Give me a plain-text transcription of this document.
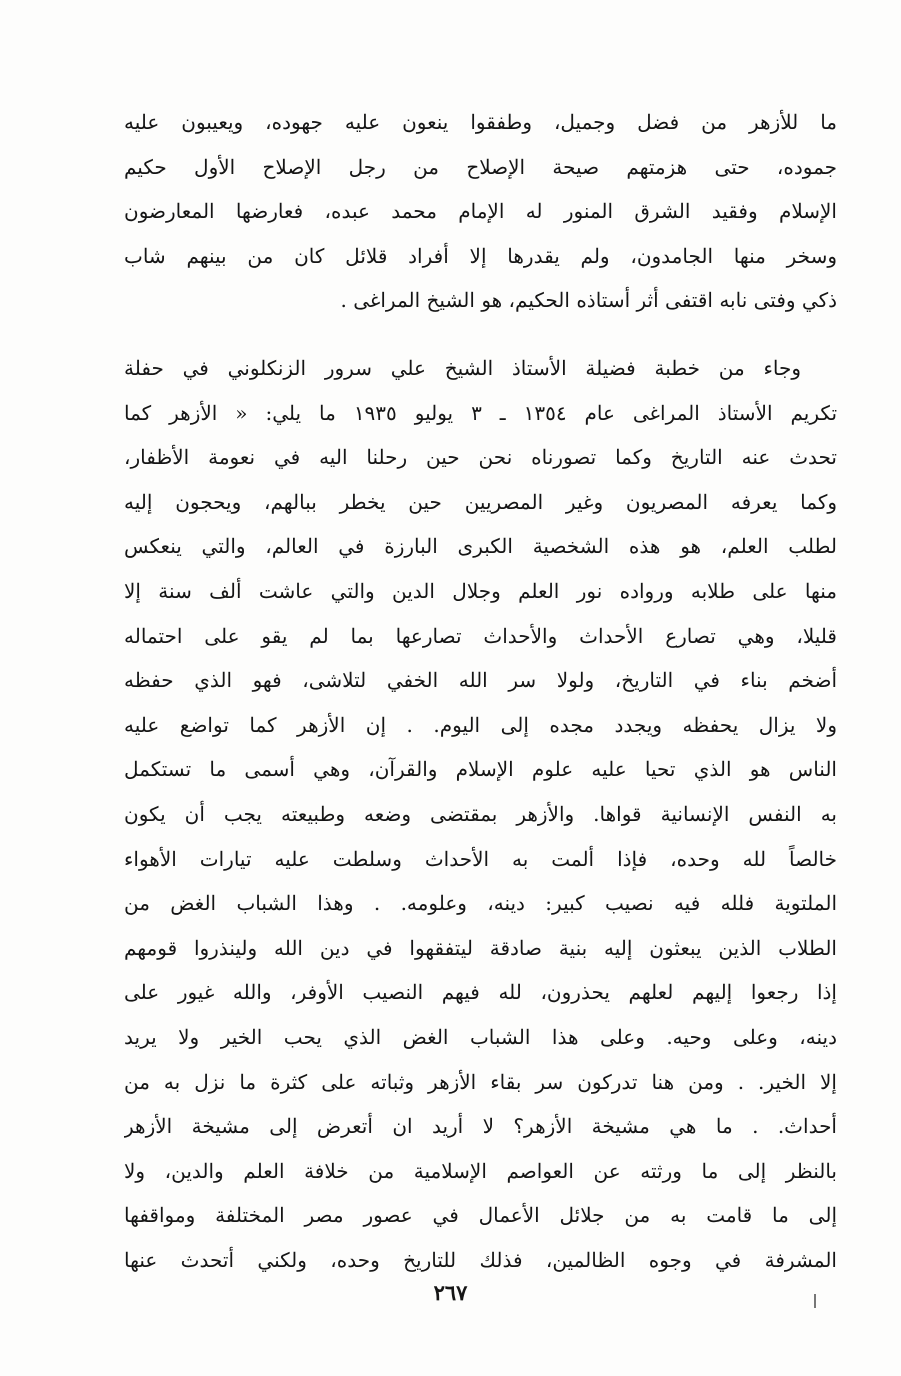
ما للأزهر من فضل وجميل، وطفقوا ينعون عليه جهوده، ويعيبون عليه
جموده، حتى هزمتهم صيحة الإصلاح من رجل الإصلاح الأول حكيم
الإسلام وفقيد الشرق المنور له الإمام محمد عبده، فعارضها المعارضون
وسخر منها الجامدون، ولم يقدرها إلا أفراد قلائل كان من بينهم شاب
ذكي وفتى نابه اقتفى أثر أستاذه الحكيم، هو الشيخ المراغى .
وجاء من خطبة فضيلة الأستاذ الشيخ علي سرور الزنكلوني في حفلة
تكريم الأستاذ المراغى عام ١٣٥٤ ـ ٣ يوليو ١٩٣٥ ما يلي: « الأزهر كما
تحدث عنه التاريخ وكما تصورناه نحن حين رحلنا اليه في نعومة الأظفار،
وكما يعرفه المصريون وغير المصريين حين يخطر ببالهم، ويحجون إليه
لطلب العلم، هو هذه الشخصية الكبرى البارزة في العالم، والتي ينعكس
منها على طلابه ورواده نور العلم وجلال الدين والتي عاشت ألف سنة إلا
قليلا، وهي تصارع الأحداث والأحداث تصارعها بما لم يقو على احتماله
أضخم بناء في التاريخ، ولولا سر الله الخفي لتلاشى، فهو الذي حفظه
ولا يزال يحفظه ويجدد مجده إلى اليوم. . إن الأزهر كما تواضع عليه
الناس هو الذي تحيا عليه علوم الإسلام والقرآن، وهي أسمى ما تستكمل
به النفس الإنسانية قواها. والأزهر بمقتضى وضعه وطبيعته يجب أن يكون
خالصاً لله وحده، فإذا ألمت به الأحداث وسلطت عليه تيارات الأهواء
الملتوية فلله فيه نصيب كبير: دينه، وعلومه. . وهذا الشباب الغض من
الطلاب الذين يبعثون إليه بنية صادقة ليتفقهوا في دين الله ولينذروا قومهم
إذا رجعوا إليهم لعلهم يحذرون، لله فيهم النصيب الأوفر، والله غيور على
دينه، وعلى وحيه. وعلى هذا الشباب الغض الذي يحب الخير ولا يريد
إلا الخير. . ومن هنا تدركون سر بقاء الأزهر وثباته على كثرة ما نزل به من
أحداث. . ما هي مشيخة الأزهر؟ لا أريد ان أتعرض إلى مشيخة الأزهر
بالنظر إلى ما ورثته عن العواصم الإسلامية من خلافة العلم والدين، ولا
إلى ما قامت به من جلائل الأعمال في عصور مصر المختلفة ومواقفها
المشرفة في وجوه الظالمين، فذلك للتاريخ وحده، ولكني أتحدث عنها
٢٦٧
